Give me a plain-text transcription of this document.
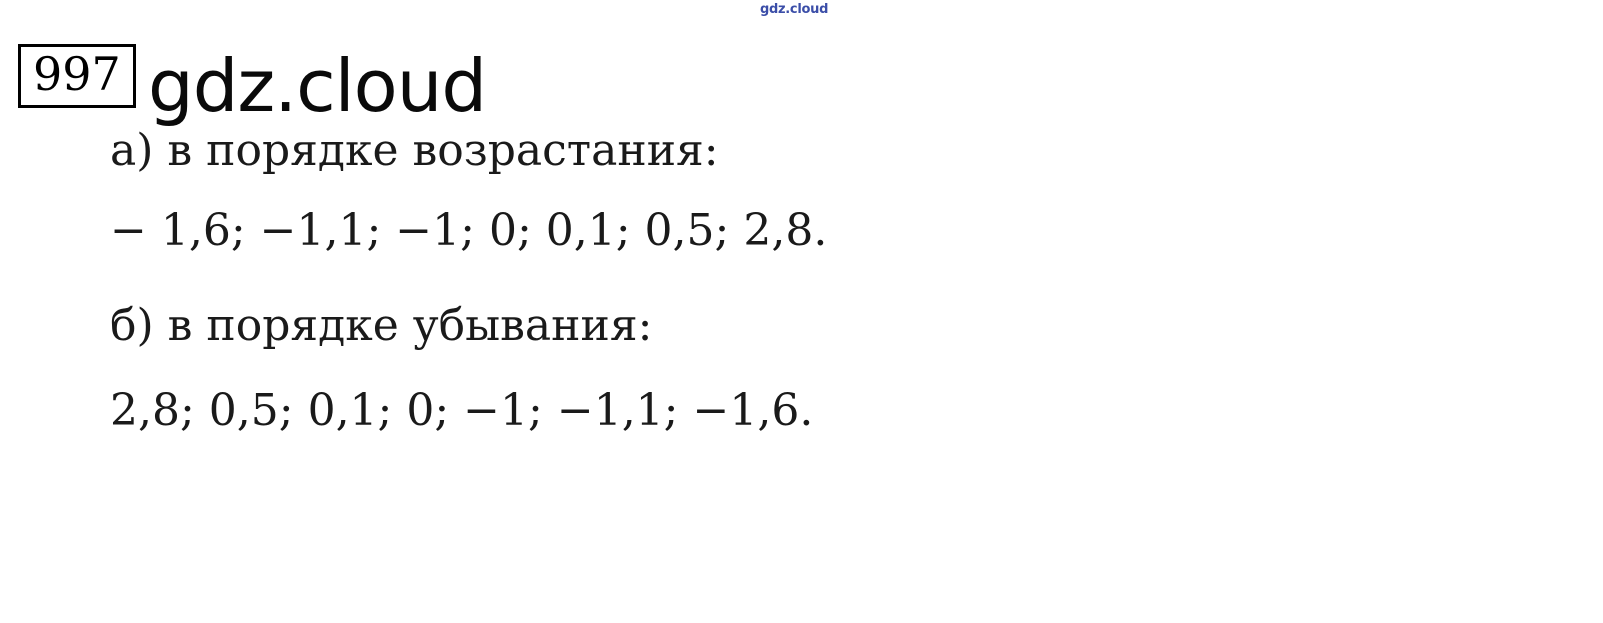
gdz.cloud
997 gdz.cloud
а) в порядке возрастания:
− 1,6; −1,1; −1; 0; 0,1; 0,5; 2,8.
б) в порядке убывания:
2,8; 0,5; 0,1; 0; −1; −1,1; −1,6.
